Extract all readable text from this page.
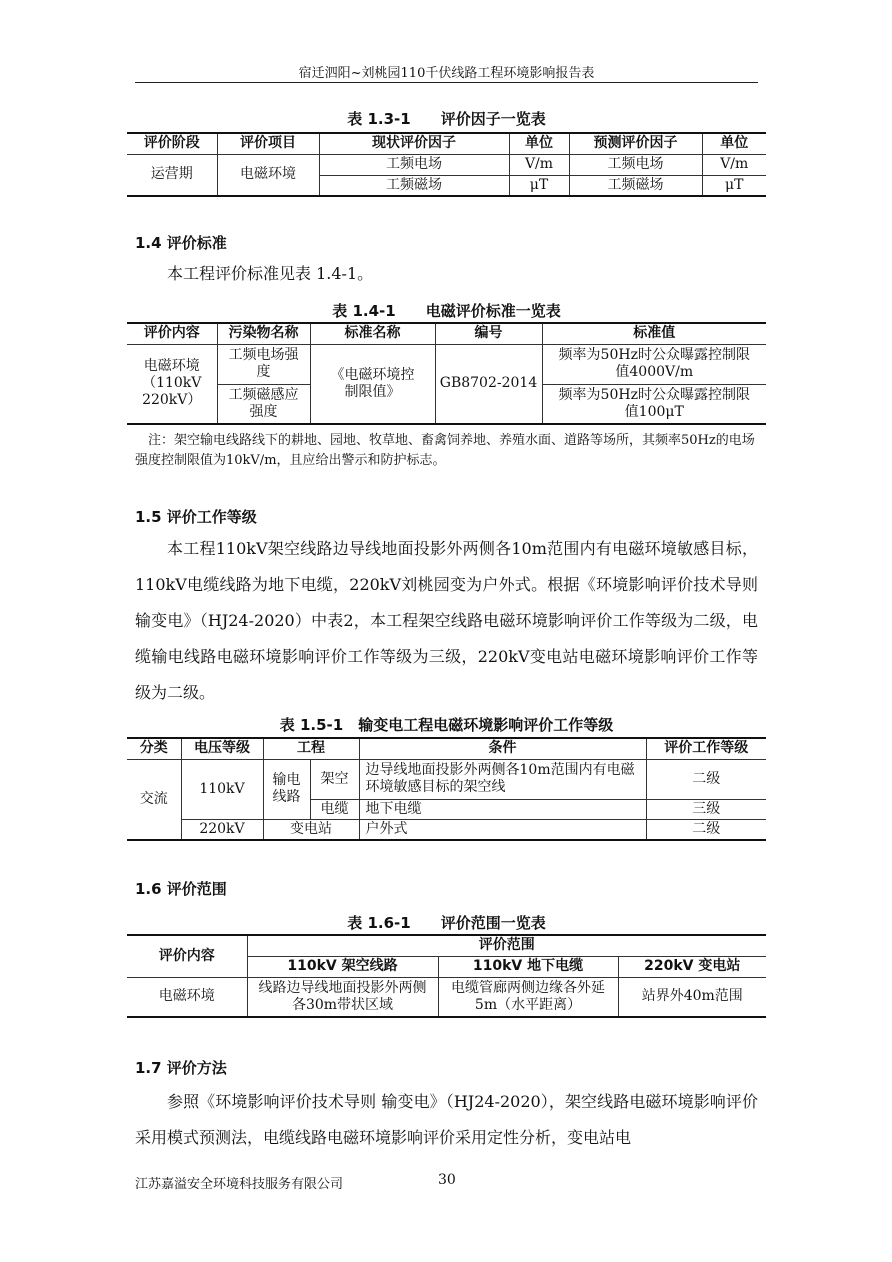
宿迁泗阳~刘桃园110千伏线路工程环境影响报告表
表 1.3-1　　评价因子一览表
评价阶段	评价项目	现状评价因子	单位	预测评价因子	单位
运营期	电磁环境	工频电场	V/m	工频电场	V/m
		工频磁场	μT	工频磁场	μT
1.4 评价标准
本工程评价标准见表 1.4-1。
表 1.4-1　　电磁评价标准一览表
评价内容	污染物名称	标准名称	编号	标准值
电磁环境（110kV 220kV）	工频电场强度	《电磁环境控制限值》	GB8702-2014	频率为50Hz时公众曝露控制限值4000V/m
	工频磁感应强度			频率为50Hz时公众曝露控制限值100μT
注：架空输电线路线下的耕地、园地、牧草地、畜禽饲养地、养殖水面、道路等场所，其频率50Hz的电场强度控制限值为10kV/m，且应给出警示和防护标志。
1.5 评价工作等级
本工程110kV架空线路边导线地面投影外两侧各10m范围内有电磁环境敏感目标，110kV电缆线路为地下电缆，220kV刘桃园变为户外式。根据《环境影响评价技术导则 输变电》（HJ24-2020）中表2，本工程架空线路电磁环境影响评价工作等级为二级，电缆输电线路电磁环境影响评价工作等级为三级，220kV变电站电磁环境影响评价工作等级为二级。
表 1.5-1　输变电工程电磁环境影响评价工作等级
分类	电压等级	工程		条件	评价工作等级
交流	110kV	输电线路	架空	边导线地面投影外两侧各10m范围内有电磁环境敏感目标的架空线	二级
			电缆	地下电缆	三级
	220kV	变电站		户外式	二级
1.6 评价范围
表 1.6-1　　评价范围一览表
评价内容	评价范围		
	110kV 架空线路	110kV 地下电缆	220kV 变电站
电磁环境	线路边导线地面投影外两侧各30m带状区域	电缆管廊两侧边缘各外延5m（水平距离）	站界外40m范围
1.7 评价方法
参照《环境影响评价技术导则 输变电》（HJ24-2020），架空线路电磁环境影响评价采用模式预测法，电缆线路电磁环境影响评价采用定性分析，变电站电
江苏嘉溢安全环境科技服务有限公司	30
